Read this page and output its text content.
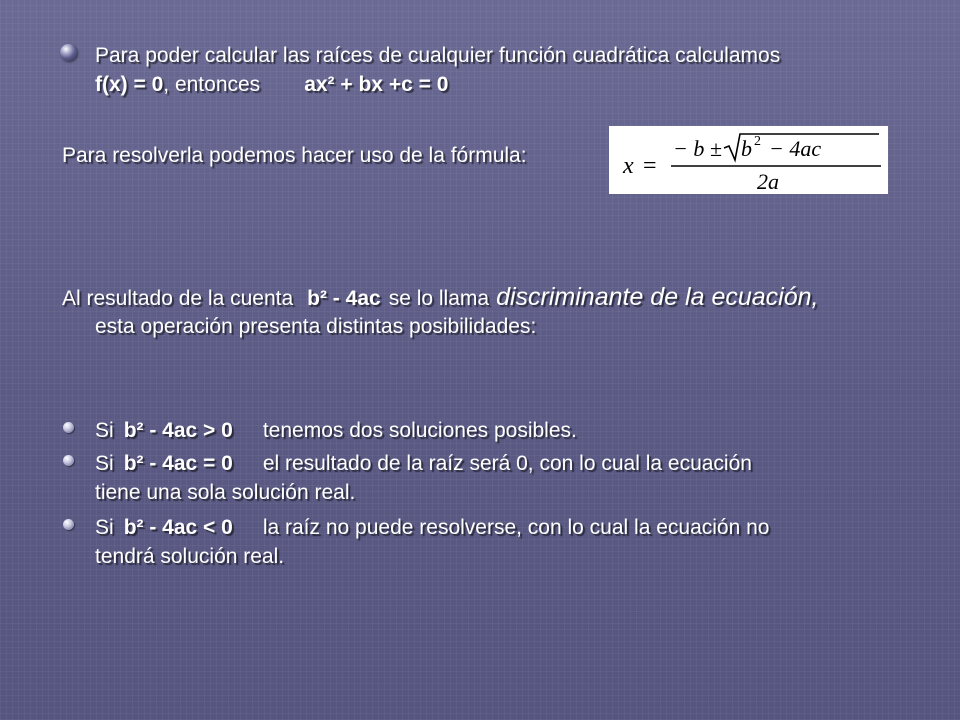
Para poder calcular las raíces de cualquier función cuadrática calculamos
f(x) = 0, entonces ax² + bx +c = 0
Para resolverla podemos hacer uso de la fórmula:	x =
− b ± b 2 − 4ac
2a
Al resultado de la cuenta b² - 4ac se lo llama discriminante de la ecuación,
esta operación presenta distintas posibilidades:
Si b² - 4ac > 0 tenemos dos soluciones posibles.
Si b² - 4ac = 0 el resultado de la raíz será 0, con lo cual la ecuación
tiene una sola solución real.
Si b² - 4ac < 0 la raíz no puede resolverse, con lo cual la ecuación no
tendrá solución real.
